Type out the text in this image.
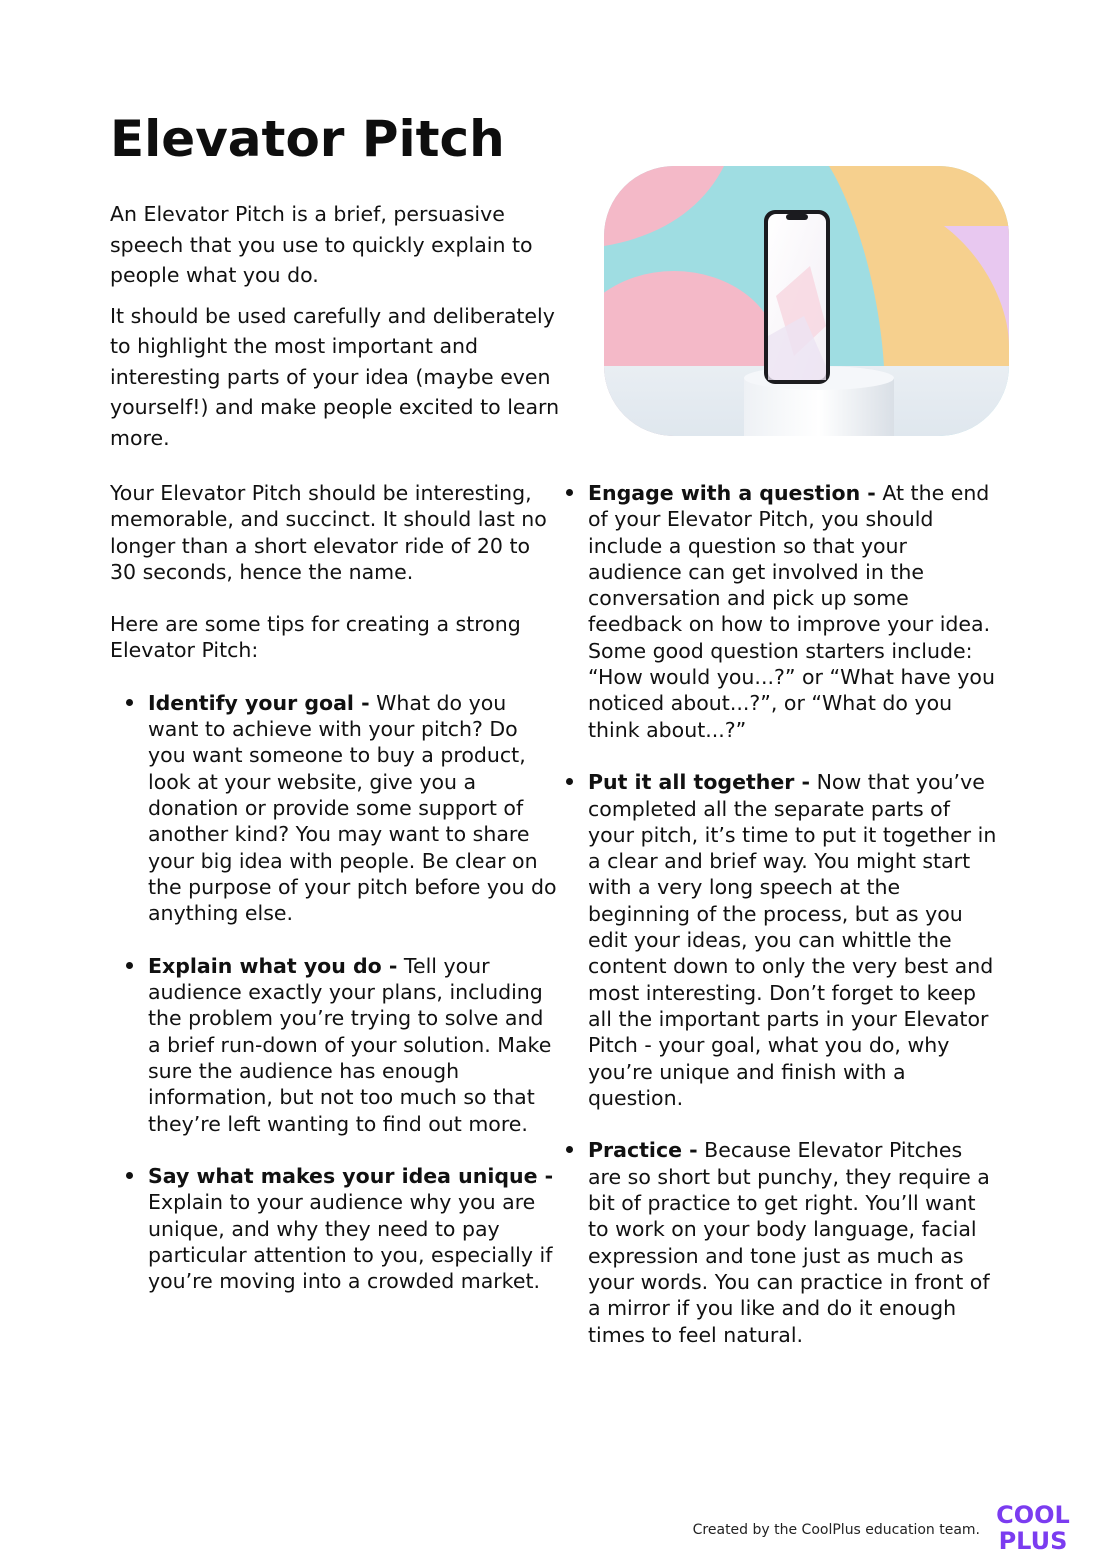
Elevator Pitch

An Elevator Pitch is a brief, persuasive speech that you use to quickly explain to people what you do.

It should be used carefully and deliberately to highlight the most important and interesting parts of your idea (maybe even yourself!) and make people excited to learn more.

Your Elevator Pitch should be interesting, memorable, and succinct. It should last no longer than a short elevator ride of 20 to 30 seconds, hence the name.

Here are some tips for creating a strong Elevator Pitch:

Identify your goal - What do you want to achieve with your pitch? Do you want someone to buy a product, look at your website, give you a donation or provide some support of another kind? You may want to share your big idea with people. Be clear on the purpose of your pitch before you do anything else.
Explain what you do - Tell your audience exactly your plans, including the problem you’re trying to solve and a brief run-down of your solution. Make sure the audience has enough information, but not too much so that they’re left wanting to find out more.
Say what makes your idea unique - Explain to your audience why you are unique, and why they need to pay particular attention to you, especially if you’re moving into a crowded market.
Engage with a question - At the end of your Elevator Pitch, you should include a question so that your audience can get involved in the conversation and pick up some feedback on how to improve your idea. Some good question starters include: “How would you...?” or “What have you noticed about...?”, or “What do you think about...?”
Put it all together - Now that you’ve completed all the separate parts of your pitch, it’s time to put it together in a clear and brief way. You might start with a very long speech at the beginning of the process, but as you edit your ideas, you can whittle the content down to only the very best and most interesting. Don’t forget to keep all the important parts in your Elevator Pitch - your goal, what you do, why you’re unique and finish with a question.
Practice - Because Elevator Pitches are so short but punchy, they require a bit of practice to get right. You’ll want to work on your body language, facial expression and tone just as much as your words. You can practice in front of a mirror if you like and do it enough times to feel natural.
Created by the CoolPlus education team.
COOL
PLUS
